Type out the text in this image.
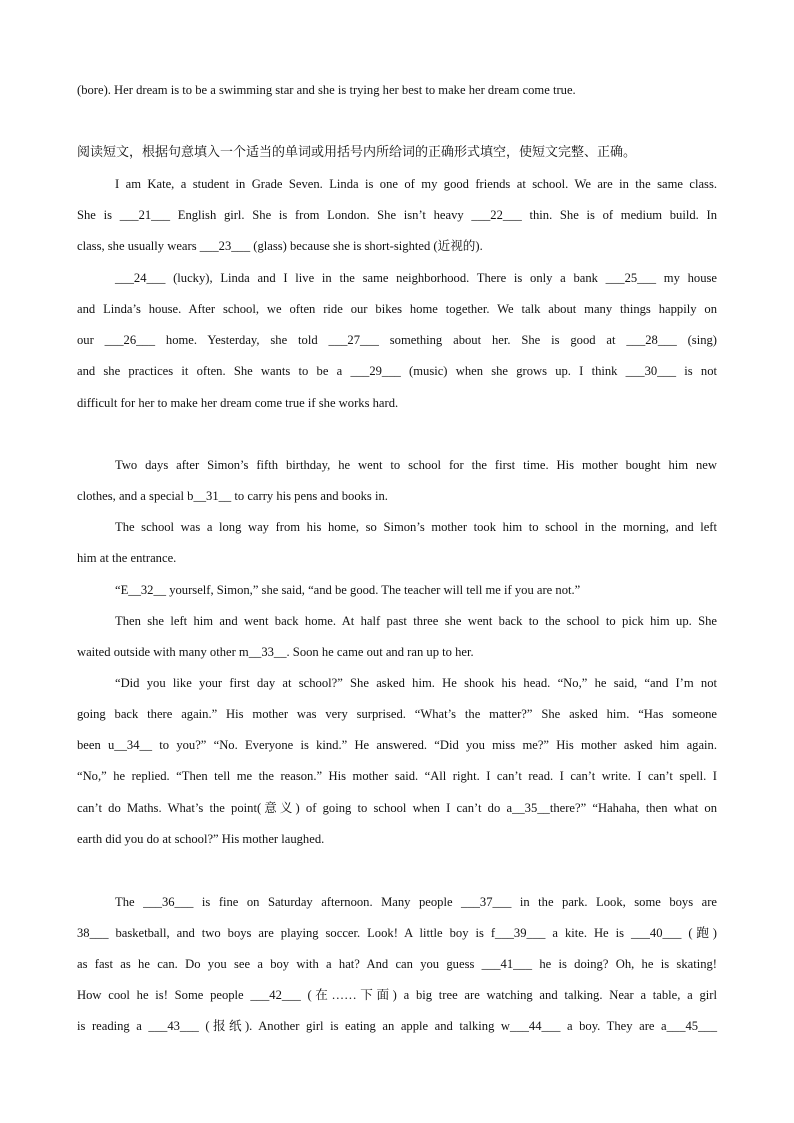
(bore). Her dream is to be a swimming star and she is trying her best to make her dream come true.
阅读短文，根据句意填入一个适当的单词或用括号内所给词的正确形式填空，使短文完整、正确。
I am Kate, a student in Grade Seven. Linda is one of my good friends at school. We are in the same class.
She is ___21___ English girl. She is from London. She isn’t heavy ___22___ thin. She is of medium build. In
class, she usually wears ___23___ (glass) because she is short-sighted (近视的).
___24___ (lucky), Linda and I live in the same neighborhood. There is only a bank ___25___ my house
and Linda’s house. After school, we often ride our bikes home together. We talk about many things happily on
our ___26___ home. Yesterday, she told ___27___ something about her. She is good at ___28___ (sing)
and she practices it often. She wants to be a ___29___ (music) when she grows up. I think ___30___ is not
difficult for her to make her dream come true if she works hard.
Two days after Simon’s fifth birthday, he went to school for the first time. His mother bought him new
clothes, and a special b__31__ to carry his pens and books in.
The school was a long way from his home, so Simon’s mother took him to school in the morning, and left
him at the entrance.
“E__32__ yourself, Simon,” she said, “and be good. The teacher will tell me if you are not.”
Then she left him and went back home. At half past three she went back to the school to pick him up. She
waited outside with many other m__33__. Soon he came out and ran up to her.
“Did you like your first day at school?” She asked him. He shook his head. “No,” he said, “and I’m not
going back there again.” His mother was very surprised. “What’s the matter?” She asked him. “Has someone
been u__34__ to you?” “No. Everyone is kind.” He answered. “Did you miss me?” His mother asked him again.
“No,” he replied. “Then tell me the reason.” His mother said. “All right. I can’t read. I can’t write. I can’t spell. I
can’t do Maths. What’s the point(意义) of going to school when I can’t do a__35__there?” “Hahaha, then what on
earth did you do at school?” His mother laughed.
The ___36___ is fine on Saturday afternoon. Many people ___37___ in the park. Look, some boys are
38___ basketball, and two boys are playing soccer. Look! A little boy is f___39___ a kite. He is ___40___ (跑)
as fast as he can. Do you see a boy with a hat? And can you guess ___41___ he is doing? Oh, he is skating!
How cool he is! Some people ___42___ (在……下面) a big tree are watching and talking. Near a table, a girl
is reading a ___43___ (报纸). Another girl is eating an apple and talking w___44___ a boy. They are a___45___
